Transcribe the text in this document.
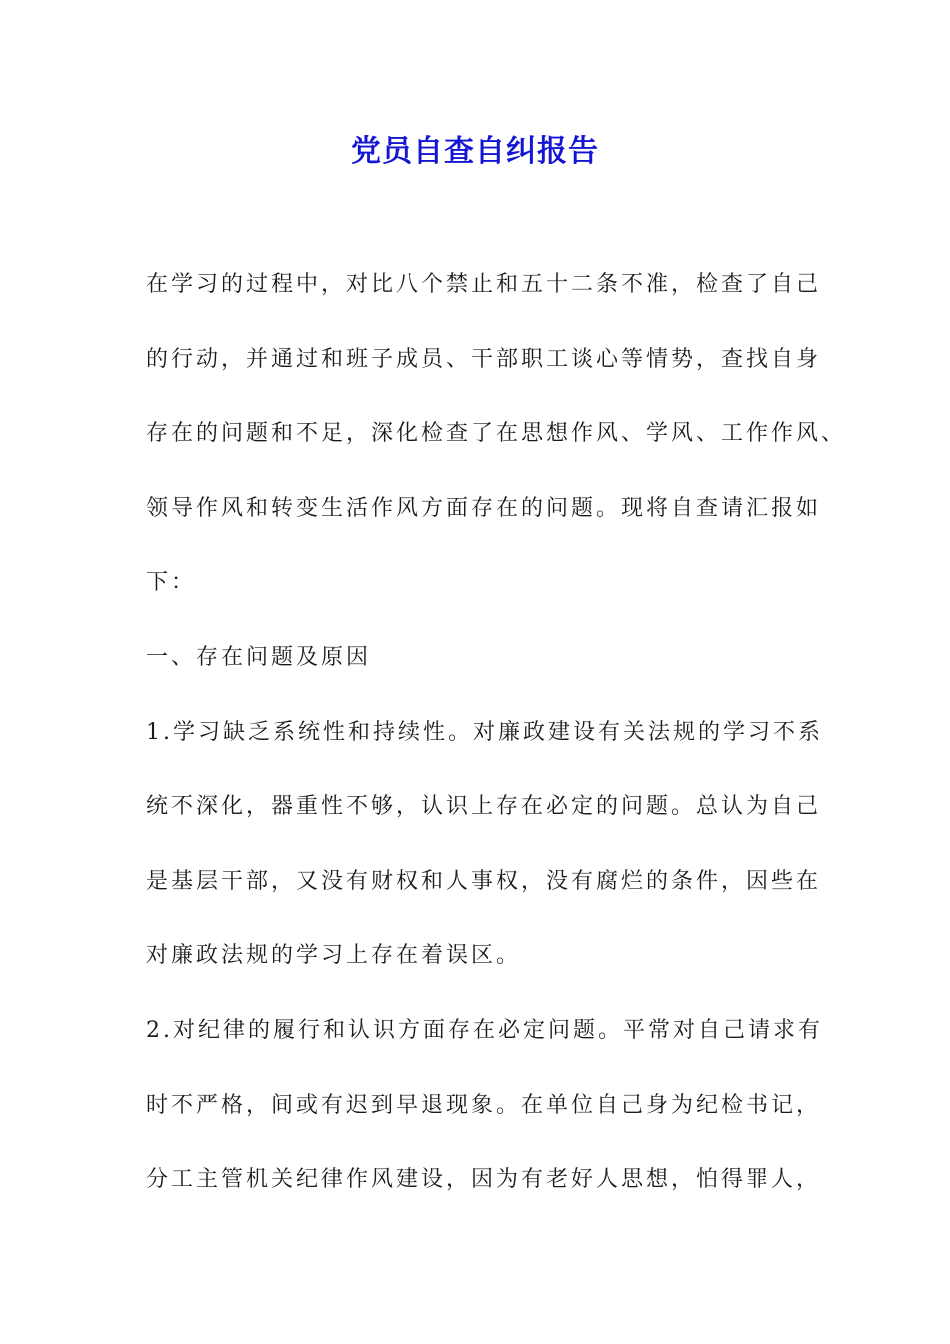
党员自查自纠报告
在学习的过程中，对比八个禁止和五十二条不准，检查了自己
的行动，并通过和班子成员、干部职工谈心等情势，查找自身
存在的问题和不足，深化检查了在思想作风、学风、工作作风、
领导作风和转变生活作风方面存在的问题。现将自查请汇报如
下：
一、存在问题及原因
1.学习缺乏系统性和持续性。对廉政建设有关法规的学习不系
统不深化，器重性不够，认识上存在必定的问题。总认为自己
是基层干部，又没有财权和人事权，没有腐烂的条件，因些在
对廉政法规的学习上存在着误区。
2.对纪律的履行和认识方面存在必定问题。平常对自己请求有
时不严格，间或有迟到早退现象。在单位自己身为纪检书记，
分工主管机关纪律作风建设，因为有老好人思想，怕得罪人，
